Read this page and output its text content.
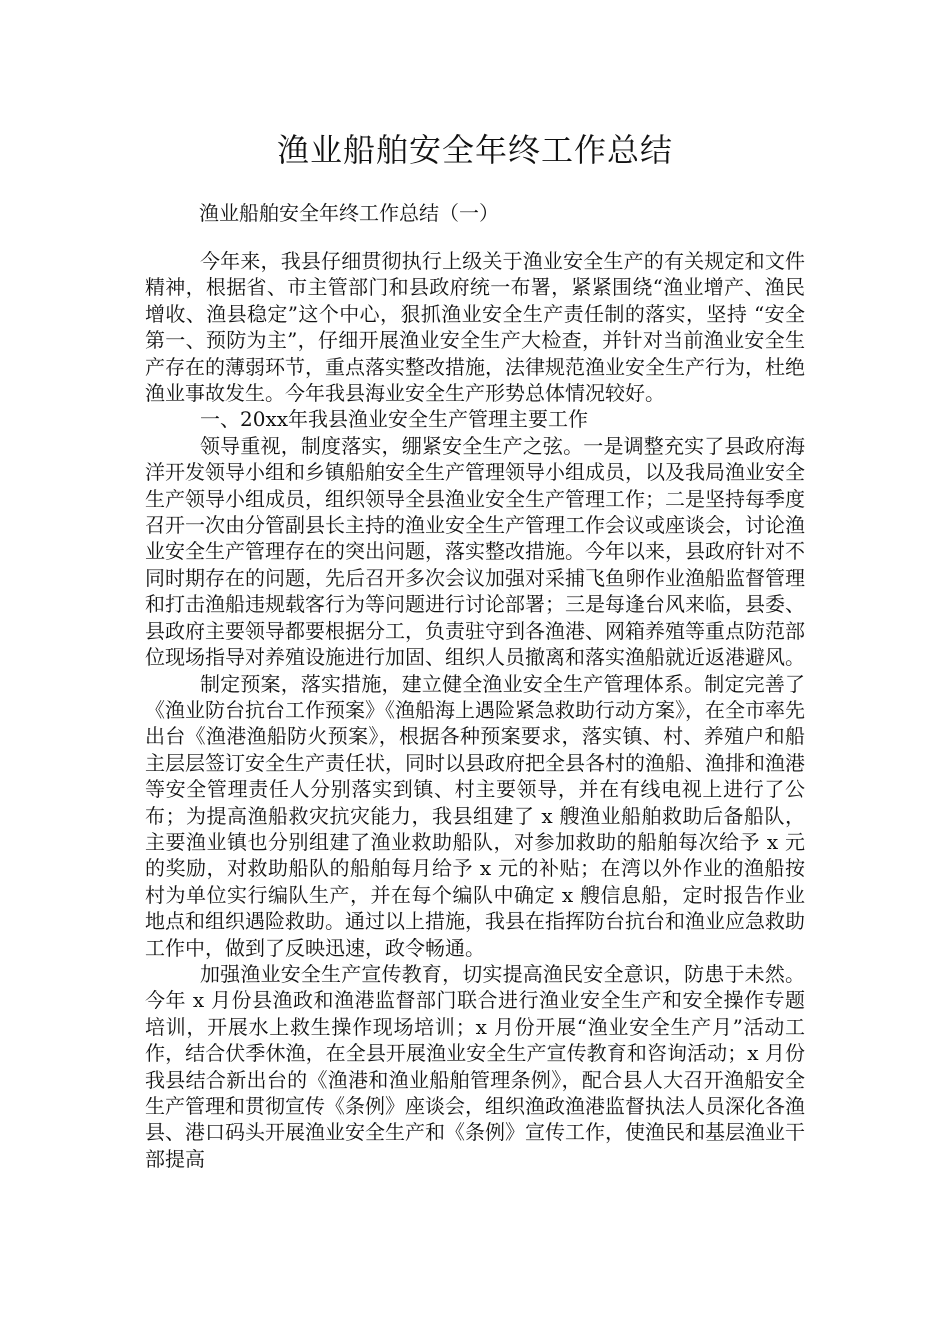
渔业船舶安全年终工作总结
渔业船舶安全年终工作总结（一）

今年来，我县仔细贯彻执行上级关于渔业安全生产的有关规定和文件精神，根据省、市主管部门和县政府统一布署，紧紧围绕“渔业增产、渔民增收、渔县稳定”这个中心，狠抓渔业安全生产责任制的落实，坚持 “安全第一、预防为主”，仔细开展渔业安全生产大检查，并针对当前渔业安全生产存在的薄弱环节，重点落实整改措施，法律规范渔业安全生产行为，杜绝渔业事故发生。今年我县海业安全生产形势总体情况较好。

一、20xx年我县渔业安全生产管理主要工作

领导重视，制度落实，绷紧安全生产之弦。一是调整充实了县政府海洋开发领导小组和乡镇船舶安全生产管理领导小组成员，以及我局渔业安全生产领导小组成员，组织领导全县渔业安全生产管理工作；二是坚持每季度召开一次由分管副县长主持的渔业安全生产管理工作会议或座谈会，讨论渔业安全生产管理存在的突出问题，落实整改措施。今年以来，县政府针对不同时期存在的问题，先后召开多次会议加强对采捕飞鱼卵作业渔船监督管理和打击渔船违规载客行为等问题进行讨论部署；三是每逢台风来临，县委、县政府主要领导都要根据分工，负责驻守到各渔港、网箱养殖等重点防范部位现场指导对养殖设施进行加固、组织人员撤离和落实渔船就近返港避风。

制定预案，落实措施，建立健全渔业安全生产管理体系。制定完善了《渔业防台抗台工作预案》《渔船海上遇险紧急救助行动方案》，在全市率先出台《渔港渔船防火预案》，根据各种预案要求，落实镇、村、养殖户和船主层层签订安全生产责任状，同时以县政府把全县各村的渔船、渔排和渔港等安全管理责任人分别落实到镇、村主要领导，并在有线电视上进行了公布；为提高渔船救灾抗灾能力，我县组建了 x 艘渔业船舶救助后备船队，主要渔业镇也分别组建了渔业救助船队，对参加救助的船舶每次给予 x 元的奖励，对救助船队的船舶每月给予 x 元的补贴；在湾以外作业的渔船按村为单位实行编队生产，并在每个编队中确定 x 艘信息船，定时报告作业地点和组织遇险救助。通过以上措施，我县在指挥防台抗台和渔业应急救助工作中，做到了反映迅速，政令畅通。

加强渔业安全生产宣传教育，切实提高渔民安全意识，防患于未然。今年 x 月份县渔政和渔港监督部门联合进行渔业安全生产和安全操作专题培训，开展水上救生操作现场培训；x 月份开展“渔业安全生产月”活动工作，结合伏季休渔，在全县开展渔业安全生产宣传教育和咨询活动；x 月份我县结合新出台的《渔港和渔业船舶管理条例》，配合县人大召开渔船安全生产管理和贯彻宣传《条例》座谈会，组织渔政渔港监督执法人员深化各渔县、港口码头开展渔业安全生产和《条例》宣传工作，使渔民和基层渔业干部提高
